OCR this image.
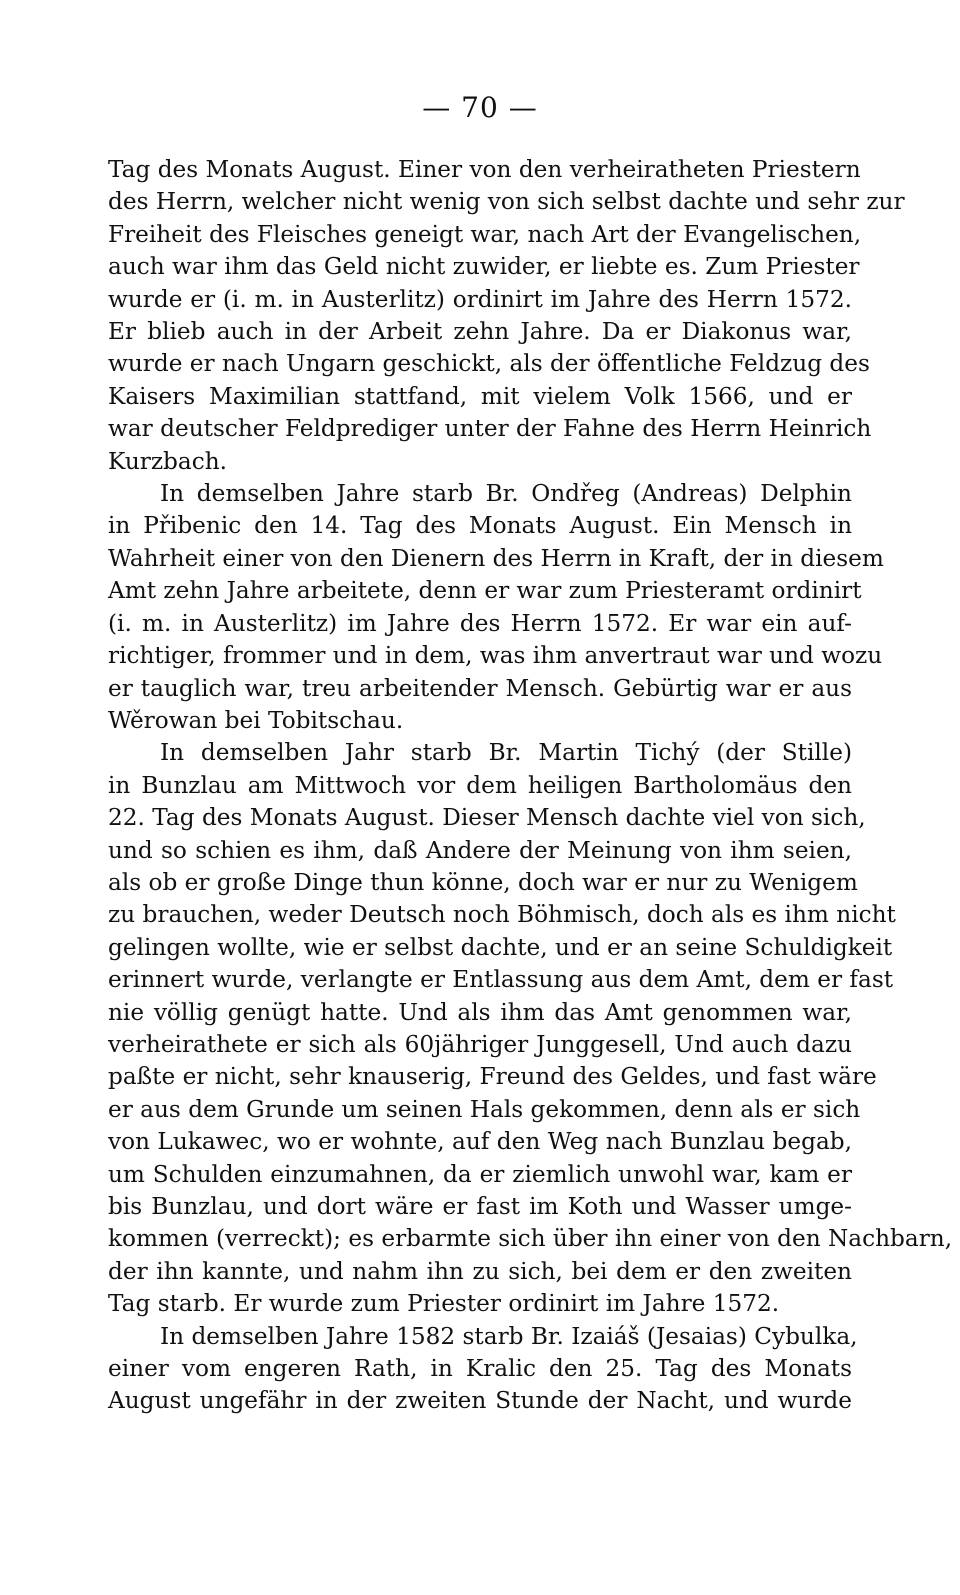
— 70 —
Tag des Monats August. Einer von den verheiratheten Priestern
des Herrn, welcher nicht wenig von sich selbst dachte und sehr zur
Freiheit des Fleisches geneigt war, nach Art der Evangelischen,
auch war ihm das Geld nicht zuwider, er liebte es. Zum Priester
wurde er (i. m. in Austerlitz) ordinirt im Jahre des Herrn 1572.
Er blieb auch in der Arbeit zehn Jahre. Da er Diakonus war,
wurde er nach Ungarn geschickt, als der öffentliche Feldzug des
Kaisers Maximilian stattfand, mit vielem Volk 1566, und er
war deutscher Feldprediger unter der Fahne des Herrn Heinrich
Kurzbach.
In demselben Jahre starb Br. Ondřeg (Andreas) Delphin
in Přibenic den 14. Tag des Monats August. Ein Mensch in
Wahrheit einer von den Dienern des Herrn in Kraft, der in diesem
Amt zehn Jahre arbeitete, denn er war zum Priesteramt ordinirt
(i. m. in Austerlitz) im Jahre des Herrn 1572. Er war ein auf-
richtiger, frommer und in dem, was ihm anvertraut war und wozu
er tauglich war, treu arbeitender Mensch. Gebürtig war er aus
Wěrowan bei Tobitschau.
In demselben Jahr starb Br. Martin Tichý (der Stille)
in Bunzlau am Mittwoch vor dem heiligen Bartholomäus den
22. Tag des Monats August. Dieser Mensch dachte viel von sich,
und so schien es ihm, daß Andere der Meinung von ihm seien,
als ob er große Dinge thun könne, doch war er nur zu Wenigem
zu brauchen, weder Deutsch noch Böhmisch, doch als es ihm nicht
gelingen wollte, wie er selbst dachte, und er an seine Schuldigkeit
erinnert wurde, verlangte er Entlassung aus dem Amt, dem er fast
nie völlig genügt hatte. Und als ihm das Amt genommen war,
verheirathete er sich als 60jähriger Junggesell, Und auch dazu
paßte er nicht, sehr knauserig, Freund des Geldes, und fast wäre
er aus dem Grunde um seinen Hals gekommen, denn als er sich
von Lukawec, wo er wohnte, auf den Weg nach Bunzlau begab,
um Schulden einzumahnen, da er ziemlich unwohl war, kam er
bis Bunzlau, und dort wäre er fast im Koth und Wasser umge-
kommen (verreckt); es erbarmte sich über ihn einer von den Nachbarn,
der ihn kannte, und nahm ihn zu sich, bei dem er den zweiten
Tag starb. Er wurde zum Priester ordinirt im Jahre 1572.
In demselben Jahre 1582 starb Br. Izaiáš (Jesaias) Cybulka,
einer vom engeren Rath, in Kralic den 25. Tag des Monats
August ungefähr in der zweiten Stunde der Nacht, und wurde
